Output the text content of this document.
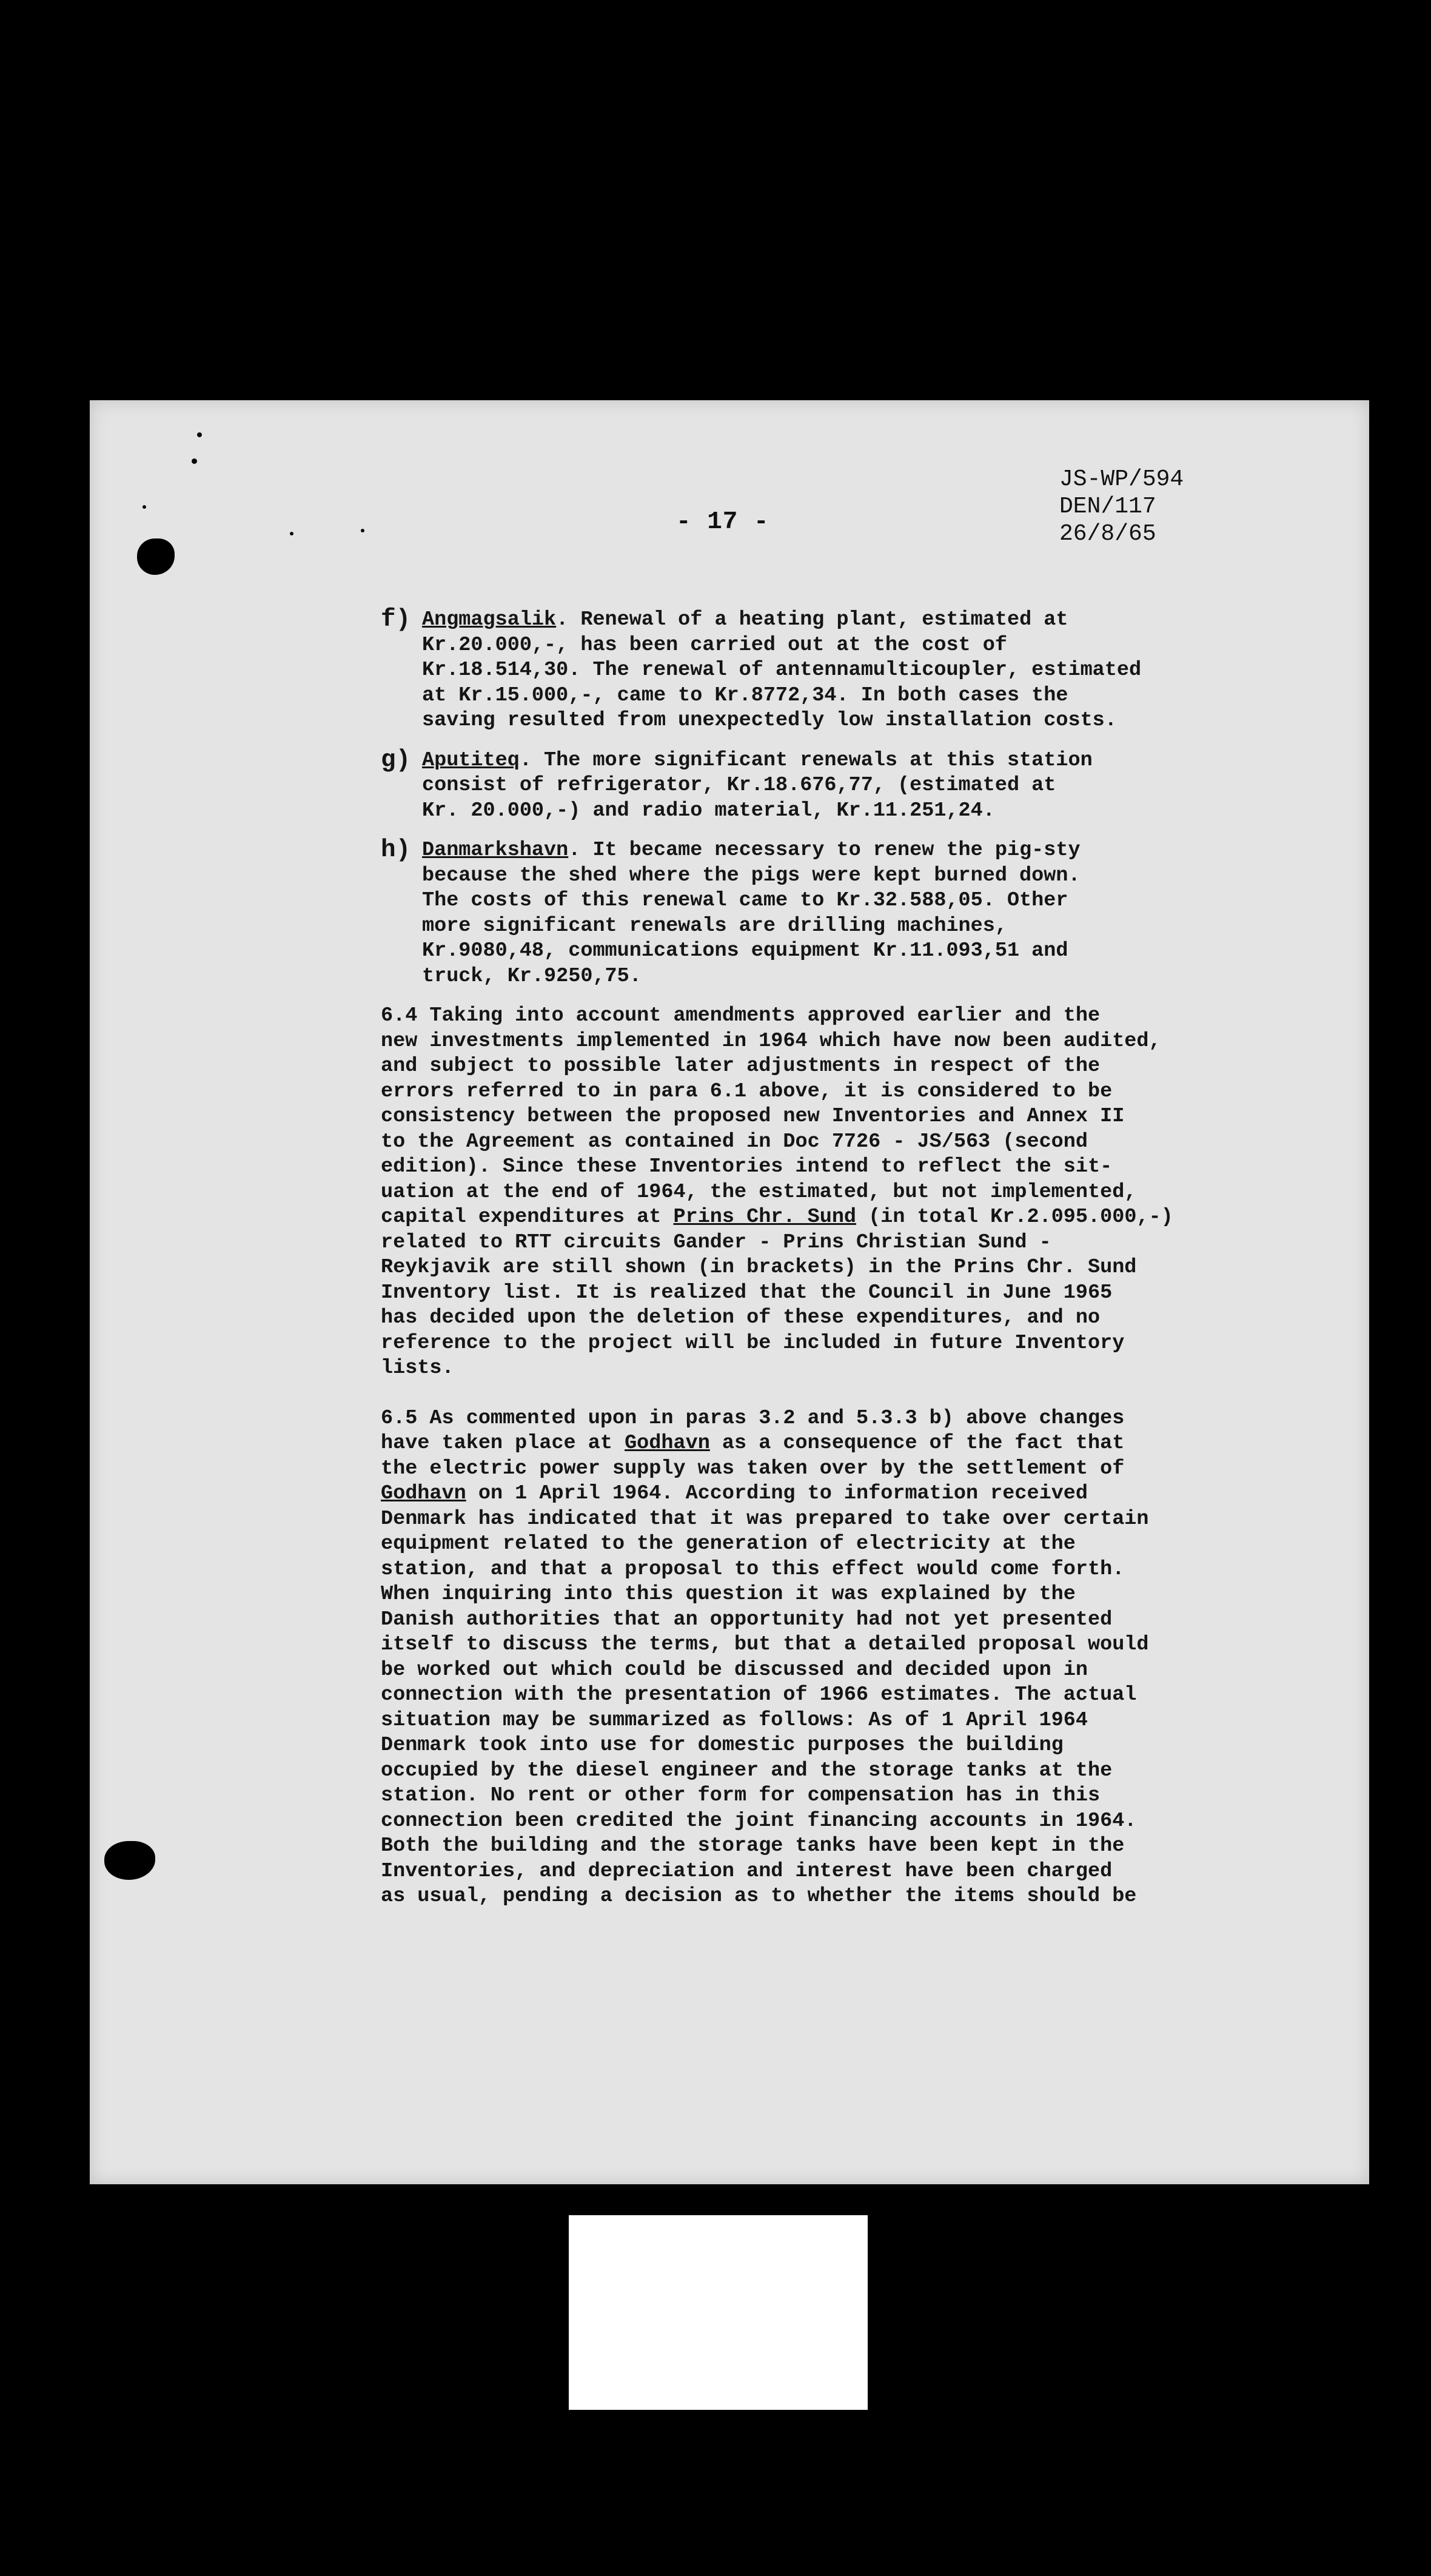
- 17 -
JS-WP/594
DEN/117
26/8/65
f) Angmagsalik. Renewal of a heating plant, estimated at
Kr.20.000,-, has been carried out at the cost of
Kr.18.514,30. The renewal of antennamulticoupler, estimated
at Kr.15.000,-, came to Kr.8772,34. In both cases the
saving resulted from unexpectedly low installation costs.
g) Aputiteq. The more significant renewals at this station
consist of refrigerator, Kr.18.676,77, (estimated at
Kr. 20.000,-) and radio material, Kr.11.251,24.
h) Danmarkshavn. It became necessary to renew the pig-sty
because the shed where the pigs were kept burned down.
The costs of this renewal came to Kr.32.588,05. Other
more significant renewals are drilling machines,
Kr.9080,48, communications equipment Kr.11.093,51 and
truck, Kr.9250,75.
6.4 Taking into account amendments approved earlier and the
new investments implemented in 1964 which have now been audited,
and subject to possible later adjustments in respect of the
errors referred to in para 6.1 above, it is considered to be
consistency between the proposed new Inventories and Annex II
to the Agreement as contained in Doc 7726 - JS/563 (second
edition). Since these Inventories intend to reflect the sit-
uation at the end of 1964, the estimated, but not implemented,
capital expenditures at Prins Chr. Sund (in total Kr.2.095.000,-)
related to RTT circuits Gander - Prins Christian Sund -
Reykjavik are still shown (in brackets) in the Prins Chr. Sund
Inventory list. It is realized that the Council in June 1965
has decided upon the deletion of these expenditures, and no
reference to the project will be included in future Inventory
lists.
6.5 As commented upon in paras 3.2 and 5.3.3 b) above changes
have taken place at Godhavn as a consequence of the fact that
the electric power supply was taken over by the settlement of
Godhavn on 1 April 1964. According to information received
Denmark has indicated that it was prepared to take over certain
equipment related to the generation of electricity at the
station, and that a proposal to this effect would come forth.
When inquiring into this question it was explained by the
Danish authorities that an opportunity had not yet presented
itself to discuss the terms, but that a detailed proposal would
be worked out which could be discussed and decided upon in
connection with the presentation of 1966 estimates. The actual
situation may be summarized as follows: As of 1 April 1964
Denmark took into use for domestic purposes the building
occupied by the diesel engineer and the storage tanks at the
station. No rent or other form for compensation has in this
connection been credited the joint financing accounts in 1964.
Both the building and the storage tanks have been kept in the
Inventories, and depreciation and interest have been charged
as usual, pending a decision as to whether the items should be
